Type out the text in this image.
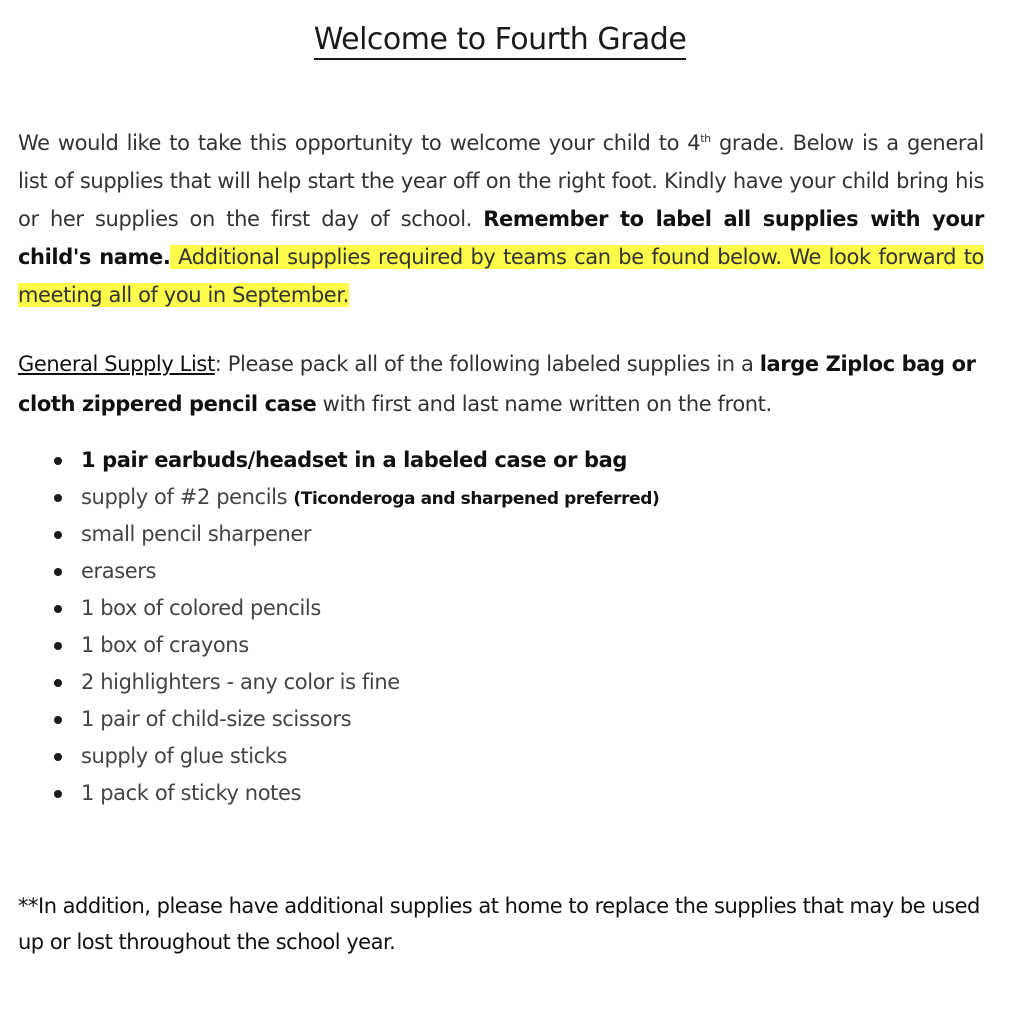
Welcome to Fourth Grade

We would like to take this opportunity to welcome your child to 4th grade. Below is a general list of supplies that will help start the year off on the right foot. Kindly have your child bring his or her supplies on the first day of school. Remember to label all supplies with your child's name. Additional supplies required by teams can be found below. We look forward to meeting all of you in September.

General Supply List: Please pack all of the following labeled supplies in a large Ziploc bag or cloth zippered pencil case with first and last name written on the front.

1 pair earbuds/headset in a labeled case or bag
supply of #2 pencils (Ticonderoga and sharpened preferred)
small pencil sharpener
erasers
1 box of colored pencils
1 box of crayons
2 highlighters - any color is fine
1 pair of child-size scissors
supply of glue sticks
1 pack of sticky notes

**In addition, please have additional supplies at home to replace the supplies that may be used up or lost throughout the school year.
